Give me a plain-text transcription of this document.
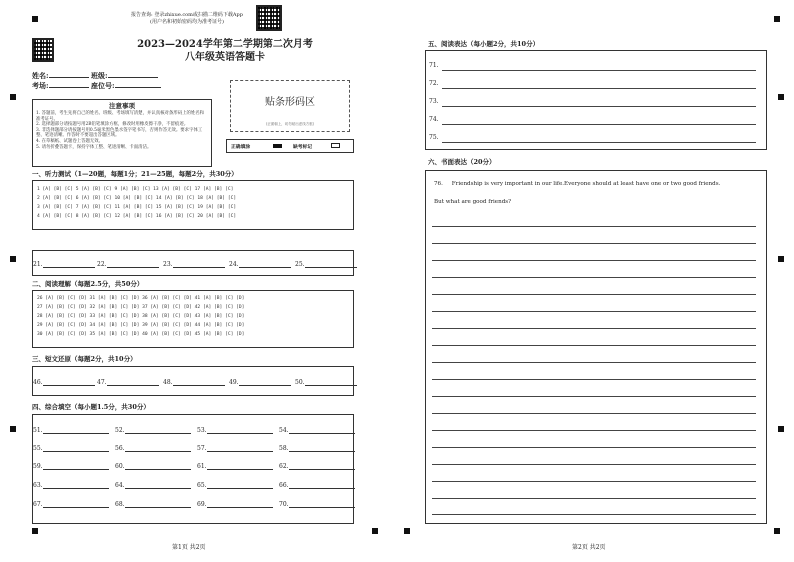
报告查询: 登录zhixue.com或扫描二维码下载App
(用户名和初始密码均为准考证号)
2023—2024学年第二学期第二次月考
八年级英语答题卡
姓名:	班级:
考场:	座位号:
贴条形码区
(正面朝上，切勿贴出虚线方框)
注意事项
1. 答题前，考生先将自己的姓名、班级、考场填写清楚，并认真核对条形码上的姓名和准考证号。
2. 选择题部分请按题号用2B铅笔填涂方框，修改时用橡皮擦干净，不留痕迹。
3. 非选择题部分请按题号用0.5毫米黑色墨水签字笔书写，否则作答无效。要求字体工整、笔迹清晰。作答时不要超出答题区域。
4. 在草稿纸、试题卷上答题无效。
5. 请勿折叠答题卡，保持字体工整、笔迹清晰、卡面清洁。	正确填涂	缺考标记
一、听力测试（1—20题，每题1分；21—25题，每题2分，共30分）
1 [A] [B] [C] 5 [A] [B] [C] 9 [A] [B] [C] 13 [A] [B] [C] 17 [A] [B] [C]
2 [A] [B] [C] 6 [A] [B] [C] 10 [A] [B] [C] 14 [A] [B] [C] 18 [A] [B] [C]
3 [A] [B] [C] 7 [A] [B] [C] 11 [A] [B] [C] 15 [A] [B] [C] 19 [A] [B] [C]
4 [A] [B] [C] 8 [A] [B] [C] 12 [A] [B] [C] 16 [A] [B] [C] 20 [A] [B] [C]
21.	22.	23.	24.	25.
二、阅读理解（每题2.5分，共50分）
26 [A] [B] [C] [D] 31 [A] [B] [C] [D] 36 [A] [B] [C] [D] 41 [A] [B] [C] [D]
27 [A] [B] [C] [D] 32 [A] [B] [C] [D] 37 [A] [B] [C] [D] 42 [A] [B] [C] [D]
28 [A] [B] [C] [D] 33 [A] [B] [C] [D] 38 [A] [B] [C] [D] 43 [A] [B] [C] [D]
29 [A] [B] [C] [D] 34 [A] [B] [C] [D] 39 [A] [B] [C] [D] 44 [A] [B] [C] [D]
30 [A] [B] [C] [D] 35 [A] [B] [C] [D] 40 [A] [B] [C] [D] 45 [A] [B] [C] [D]
三、短文还原（每题2分，共10分）
46.	47.	48.	49.	50.
四、综合填空（每小题1.5分，共30分）
51.	52.	53.	54.
55.	56.	57.	58.
59.	60.	61.	62.
63.	64.	65.	66.
67.	68.	69.	70.
第1页 共2页
五、阅读表达（每小题2分，共10分）
71.
72.
73.
74.
75.
六、书面表达（20分）
76. Friendship is very important in our life.Everyone should at least have one or two good friends.
But what are good friends?
第2页 共2页
